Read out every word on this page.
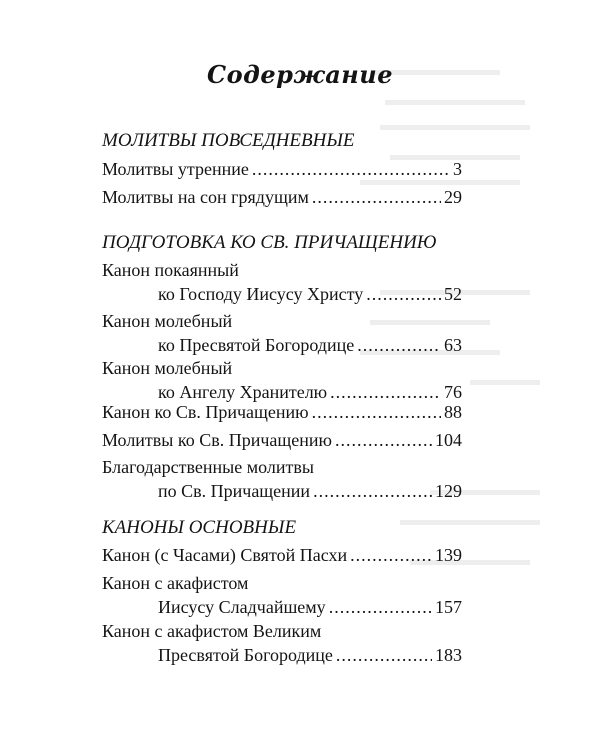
Содержание
МОЛИТВЫ ПОВСЕДНЕВНЫЕ
Молитвы утренние .....	3
Молитвы на сон грядущим .....	29
ПОДГОТОВКА КО СВ. ПРИЧАЩЕНИЮ
Канон покаянный
ко Господу Иисусу Христу .....	52
Канон молебный
ко Пресвятой Богородице .....	63
Канон молебный
ко Ангелу Хранителю .....	76
Канон ко Св. Причащению .....	88
Молитвы ко Св. Причащению .....	104
Благодарственные молитвы
по Св. Причащении .....	129
КАНОНЫ ОСНОВНЫЕ
Канон (с Часами) Святой Пасхи .....	139
Канон с акафистом
Иисусу Сладчайшему .....	157
Канон с акафистом Великим
Пресвятой Богородице .....	183
